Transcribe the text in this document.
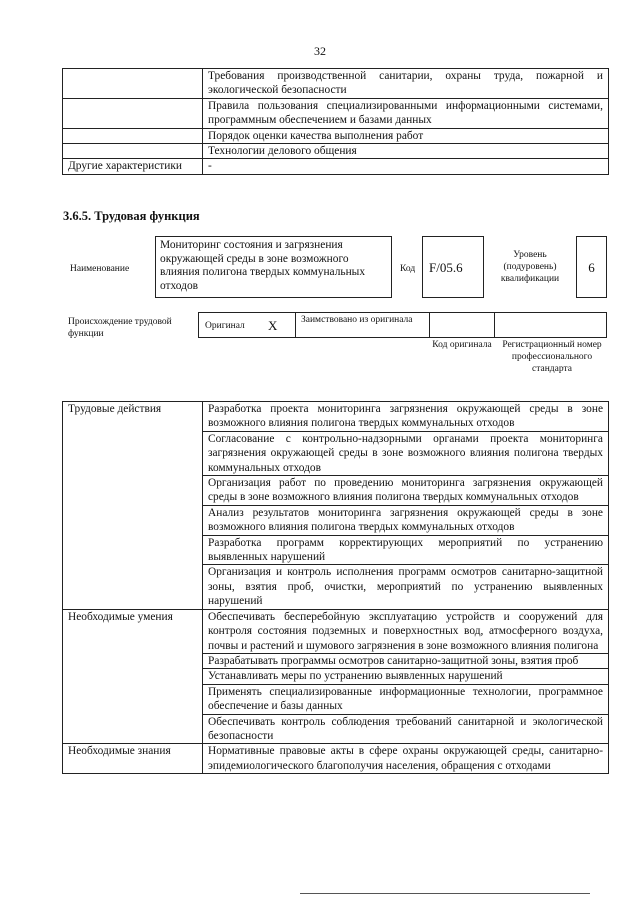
32
	Требования производственной санитарии, охраны труда, пожарной и экологической безопасности
	Правила пользования специализированными информационными системами, программным обеспечением и базами данных
	Порядок оценки качества выполнения работ
	Технологии делового общения
Другие характеристики	-
3.6.5. Трудовая функция
Наименование
Мониторинг состояния и загрязнения окружающей среды в зоне возможного влияния полигона твердых коммунальных отходов
Код	F/05.6
Уровень (подуровень) квалификации
6
Происхождение трудовой функции
Оригинал X Заимствовано из оригинала
Код оригинала	Регистрационный номер профессионального стандарта
Трудовые действия	Разработка проекта мониторинга загрязнения окружающей среды в зоне возможного влияния полигона твердых коммунальных отходов
	Согласование с контрольно-надзорными органами проекта мониторинга загрязнения окружающей среды в зоне возможного влияния полигона твердых коммунальных отходов
	Организация работ по проведению мониторинга загрязнения окружающей среды в зоне возможного влияния полигона твердых коммунальных отходов
	Анализ результатов мониторинга загрязнения окружающей среды в зоне возможного влияния полигона твердых коммунальных отходов
	Разработка программ корректирующих мероприятий по устранению выявленных нарушений
	Организация и контроль исполнения программ осмотров санитарно-защитной зоны, взятия проб, очистки, мероприятий по устранению выявленных нарушений
Необходимые умения	Обеспечивать бесперебойную эксплуатацию устройств и сооружений для контроля состояния подземных и поверхностных вод, атмосферного воздуха, почвы и растений и шумового загрязнения в зоне возможного влияния полигона
	Разрабатывать программы осмотров санитарно-защитной зоны, взятия проб
	Устанавливать меры по устранению выявленных нарушений
	Применять специализированные информационные технологии, программное обеспечение и базы данных
	Обеспечивать контроль соблюдения требований санитарной и экологической безопасности
Необходимые знания	Нормативные правовые акты в сфере охраны окружающей среды, санитарно-эпидемиологического благополучия населения, обращения с отходами
